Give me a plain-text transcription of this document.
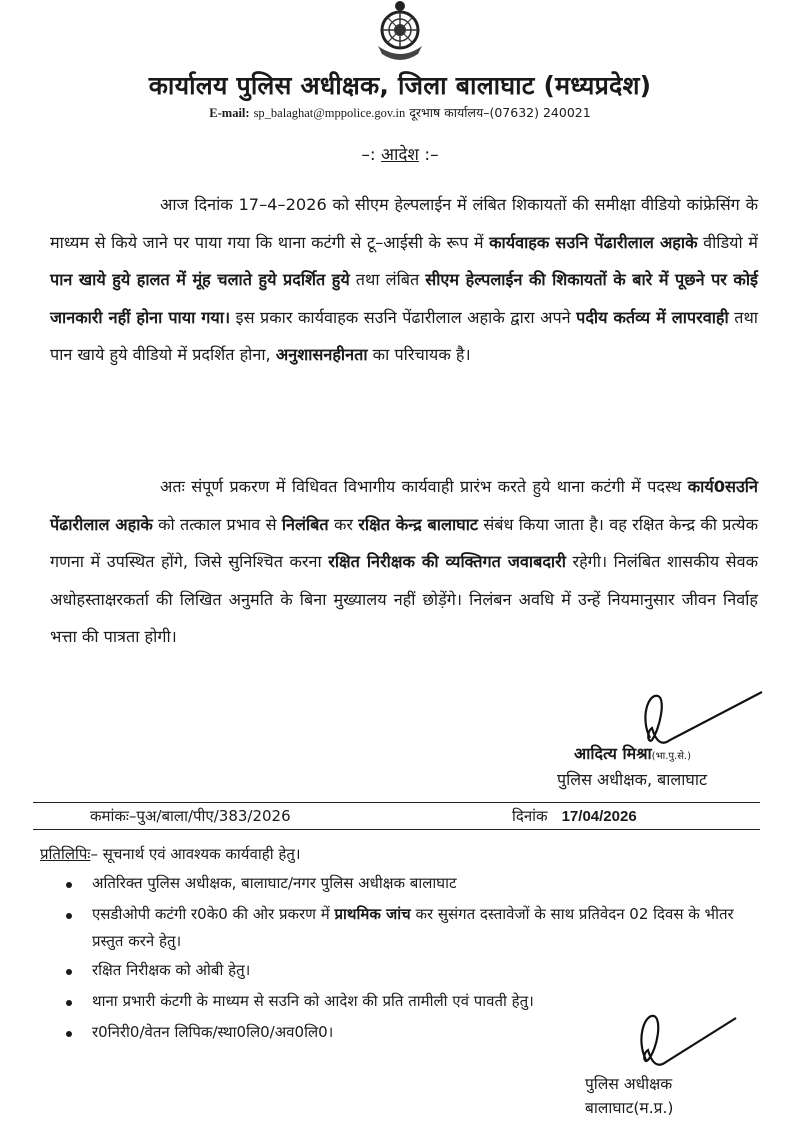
कार्यालय पुलिस अधीक्षक, जिला बालाघाट (मध्यप्रदेश)
E-mail: sp_balaghat@mppolice.gov.in दूरभाष कार्यालय–(07632) 240021
–: आदेश :–
आज दिनांक 17–4–2026 को सीएम हेल्पलाईन में लंबित शिकायतों की समीक्षा वीडियो कांफ्रेसिंग के माध्यम से किये जाने पर पाया गया कि थाना कटंगी से टू–आईसी के रूप में कार्यवाहक सउनि पेंढारीलाल अहाके वीडियो में पान खाये हुये हालत में मूंह चलाते हुये प्रदर्शित हुये तथा लंबित सीएम हेल्पलाईन की शिकायतों के बारे में पूछने पर कोई जानकारी नहीं होना पाया गया। इस प्रकार कार्यवाहक सउनि पेंढारीलाल अहाके द्वारा अपने पदीय कर्तव्य में लापरवाही तथा पान खाये हुये वीडियो में प्रदर्शित होना, अनुशासनहीनता का परिचायक है।
अतः संपूर्ण प्रकरण में विधिवत विभागीय कार्यवाही प्रारंभ करते हुये थाना कटंगी में पदस्थ कार्य0सउनि पेंढारीलाल अहाके को तत्काल प्रभाव से निलंबित कर रक्षित केन्द्र बालाघाट संबंध किया जाता है। वह रक्षित केन्द्र की प्रत्येक गणना में उपस्थित होंगे, जिसे सुनिश्चित करना रक्षित निरीक्षक की व्यक्तिगत जवाबदारी रहेगी। निलंबित शासकीय सेवक अधोहस्ताक्षरकर्ता की लिखित अनुमति के बिना मुख्यालय नहीं छोड़ेंगे। निलंबन अवधि में उन्हें नियमानुसार जीवन निर्वाह भत्ता की पात्रता होगी।
आदित्य मिश्रा(भा.पु.से.)
पुलिस अधीक्षक, बालाघाट
कमांकः–पुअ/बाला/पीए/383/2026	दिनांक 17/04/2026
प्रतिलिपिः– सूचनार्थ एवं आवश्यक कार्यवाही हेतु।
अतिरिक्त पुलिस अधीक्षक, बालाघाट/नगर पुलिस अधीक्षक बालाघाट
एसडीओपी कटंगी र0के0 की ओर प्रकरण में प्राथमिक जांच कर सुसंगत दस्तावेजों के साथ प्रतिवेदन 02 दिवस के भीतर प्रस्तुत करने हेतु।
रक्षित निरीक्षक को ओबी हेतु।
थाना प्रभारी कंटगी के माध्यम से सउनि को आदेश की प्रति तामीली एवं पावती हेतु।
र0निरी0/वेतन लिपिक/स्था0लि0/अव0लि0।
पुलिस अधीक्षक
बालाघाट(म.प्र.)
